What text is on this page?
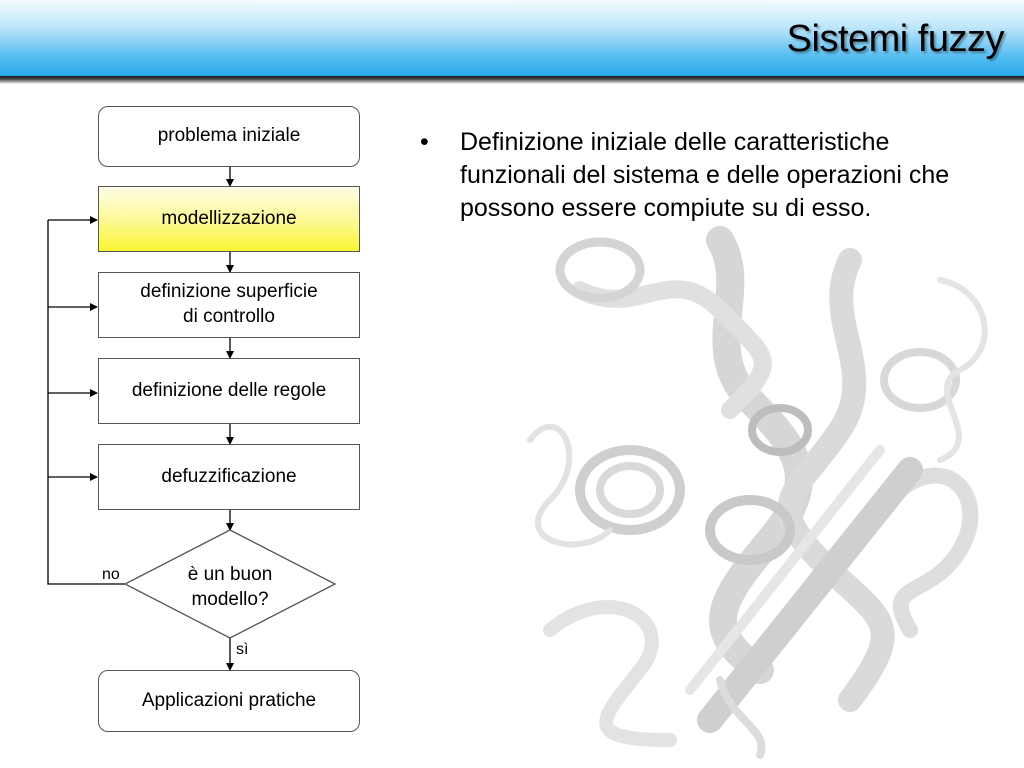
Sistemi fuzzy
problema iniziale
modellizzazione
definizione superficie
di controllo
definizione delle regole
defuzzificazione
è un buon
modello?
no
sì
Applicazioni pratiche
• Definizione iniziale delle caratteristiche funzionali del sistema e delle operazioni che possono essere compiute su di esso.
